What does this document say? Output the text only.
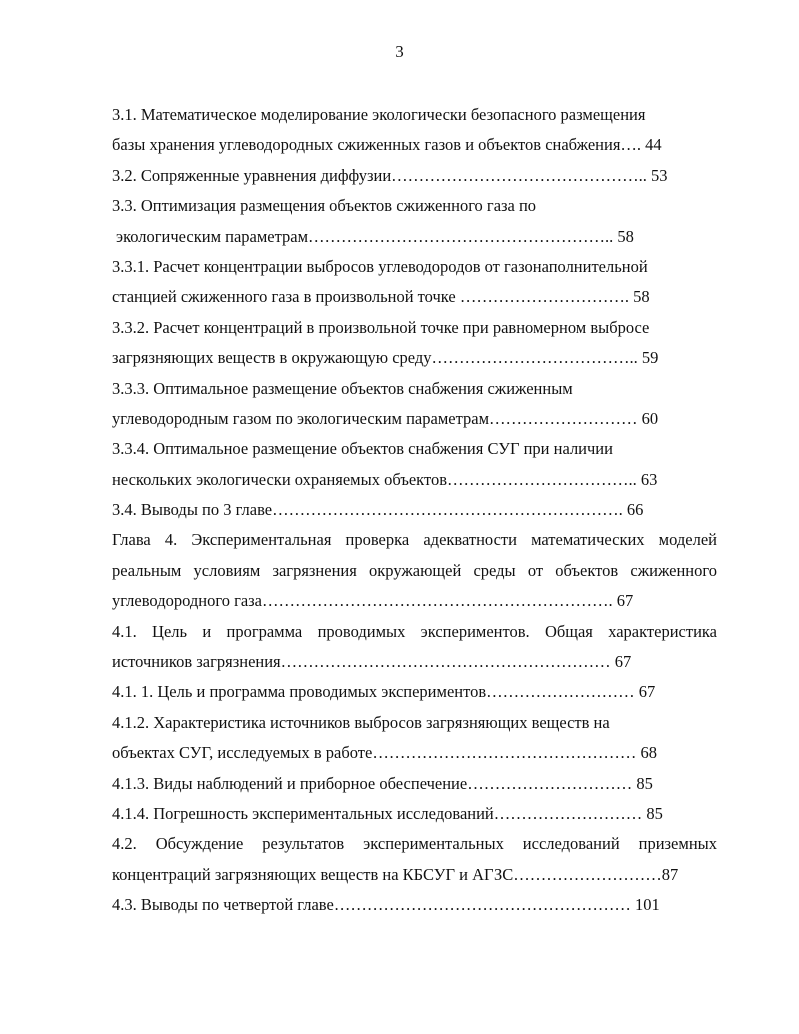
3
3.1. Математическое моделирование экологически безопасного размещения
базы хранения углеводородных сжиженных газов и объектов снабжения…. 44
3.2. Сопряженные уравнения диффузии……………………………………….. 53
3.3. Оптимизация размещения объектов сжиженного газа по
экологическим параметрам……………………………………………….. 58
3.3.1. Расчет концентрации выбросов углеводородов от газонаполнительной
станцией сжиженного газа в произвольной точке …………………………. 58
3.3.2. Расчет концентраций в произвольной точке при равномерном выбросе
загрязняющих веществ в окружающую среду……………………………….. 59
3.3.3. Оптимальное размещение объектов снабжения сжиженным
углеводородным газом по экологическим параметрам……………………… 60
3.3.4. Оптимальное размещение объектов снабжения СУГ при наличии
нескольких экологически охраняемых объектов…………………………….. 63
3.4. Выводы по 3 главе………………………………………………………. 66
Глава 4. Экспериментальная проверка адекватности математических моделей
реальным условиям загрязнения окружающей среды от объектов сжиженного
углеводородного газа………………………………………………………. 67
4.1. Цель и программа проводимых экспериментов. Общая характеристика
источников загрязнения…………………………………………………… 67
4.1. 1. Цель и программа проводимых экспериментов……………………… 67
4.1.2. Характеристика источников выбросов загрязняющих веществ на
объектах СУГ, исследуемых в работе………………………………………… 68
4.1.3. Виды наблюдений и приборное обеспечение………………………… 85
4.1.4. Погрешность экспериментальных исследований……………………… 85
4.2. Обсуждение результатов экспериментальных исследований приземных
концентраций загрязняющих веществ на КБСУГ и АГЗС………………………87
4.3. Выводы по четвертой главе……………………………………………… 101
